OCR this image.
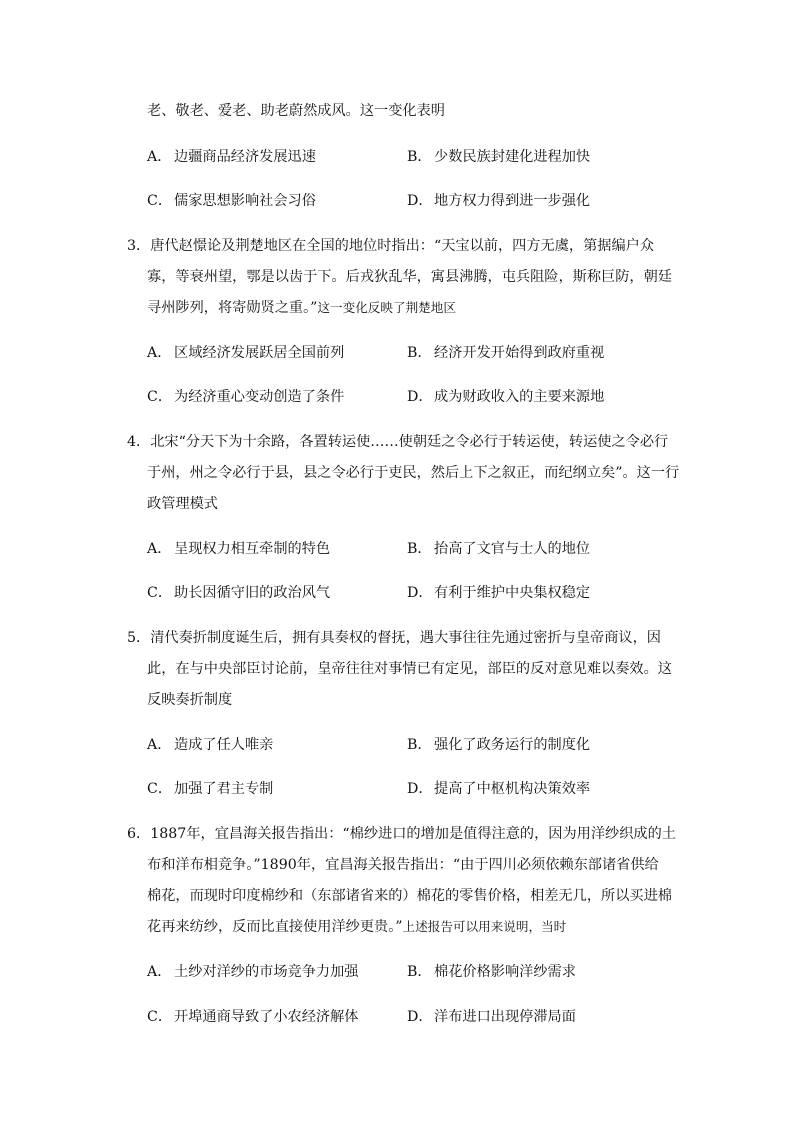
老、敬老、爱老、助老蔚然成风。这一变化表明
A． 边疆商品经济发展迅速	B． 少数民族封建化进程加快
C． 儒家思想影响社会习俗	D．地方权力得到进一步强化
3．唐代赵憬论及荆楚地区在全国的地位时指出：“天宝以前，四方无虞，第据编户众
寡，等衰州望，鄂是以齿于下。后戎狄乱华，寓县沸腾，屯兵阻险，斯称巨防，朝廷
寻州陟列，将寄勋贤之重。”这一变化反映了荆楚地区
A． 区域经济发展跃居全国前列	B． 经济开发开始得到政府重视
C． 为经济重心变动创造了条件	D．成为财政收入的主要来源地
4．北宋“分天下为十余路，各置转运使……使朝廷之令必行于转运使，转运使之令必行
于州，州之令必行于县，县之令必行于吏民，然后上下之叙正，而纪纲立矣”。这一行
政管理模式
A． 呈现权力相互牵制的特色	B． 抬高了文官与士人的地位
C． 助长因循守旧的政治风气	D．有利于维护中央集权稳定
5．清代奏折制度诞生后，拥有具奏权的督抚，遇大事往往先通过密折与皇帝商议，因
此，在与中央部臣讨论前，皇帝往往对事情已有定见，部臣的反对意见难以奏效。这
反映奏折制度
A． 造成了任人唯亲	B． 强化了政务运行的制度化
C． 加强了君主专制	D．提高了中枢机构决策效率
6．1887年，宜昌海关报告指出：“棉纱进口的增加是值得注意的，因为用洋纱织成的土
布和洋布相竞争。”1890年，宜昌海关报告指出：“由于四川必须依赖东部诸省供给
棉花，而现时印度棉纱和（东部诸省来的）棉花的零售价格，相差无几，所以买进棉
花再来纺纱，反而比直接使用洋纱更贵。”上述报告可以用来说明，当时
A． 土纱对洋纱的市场竞争力加强	B． 棉花价格影响洋纱需求
C． 开埠通商导致了小农经济解体	D．洋布进口出现停滞局面
